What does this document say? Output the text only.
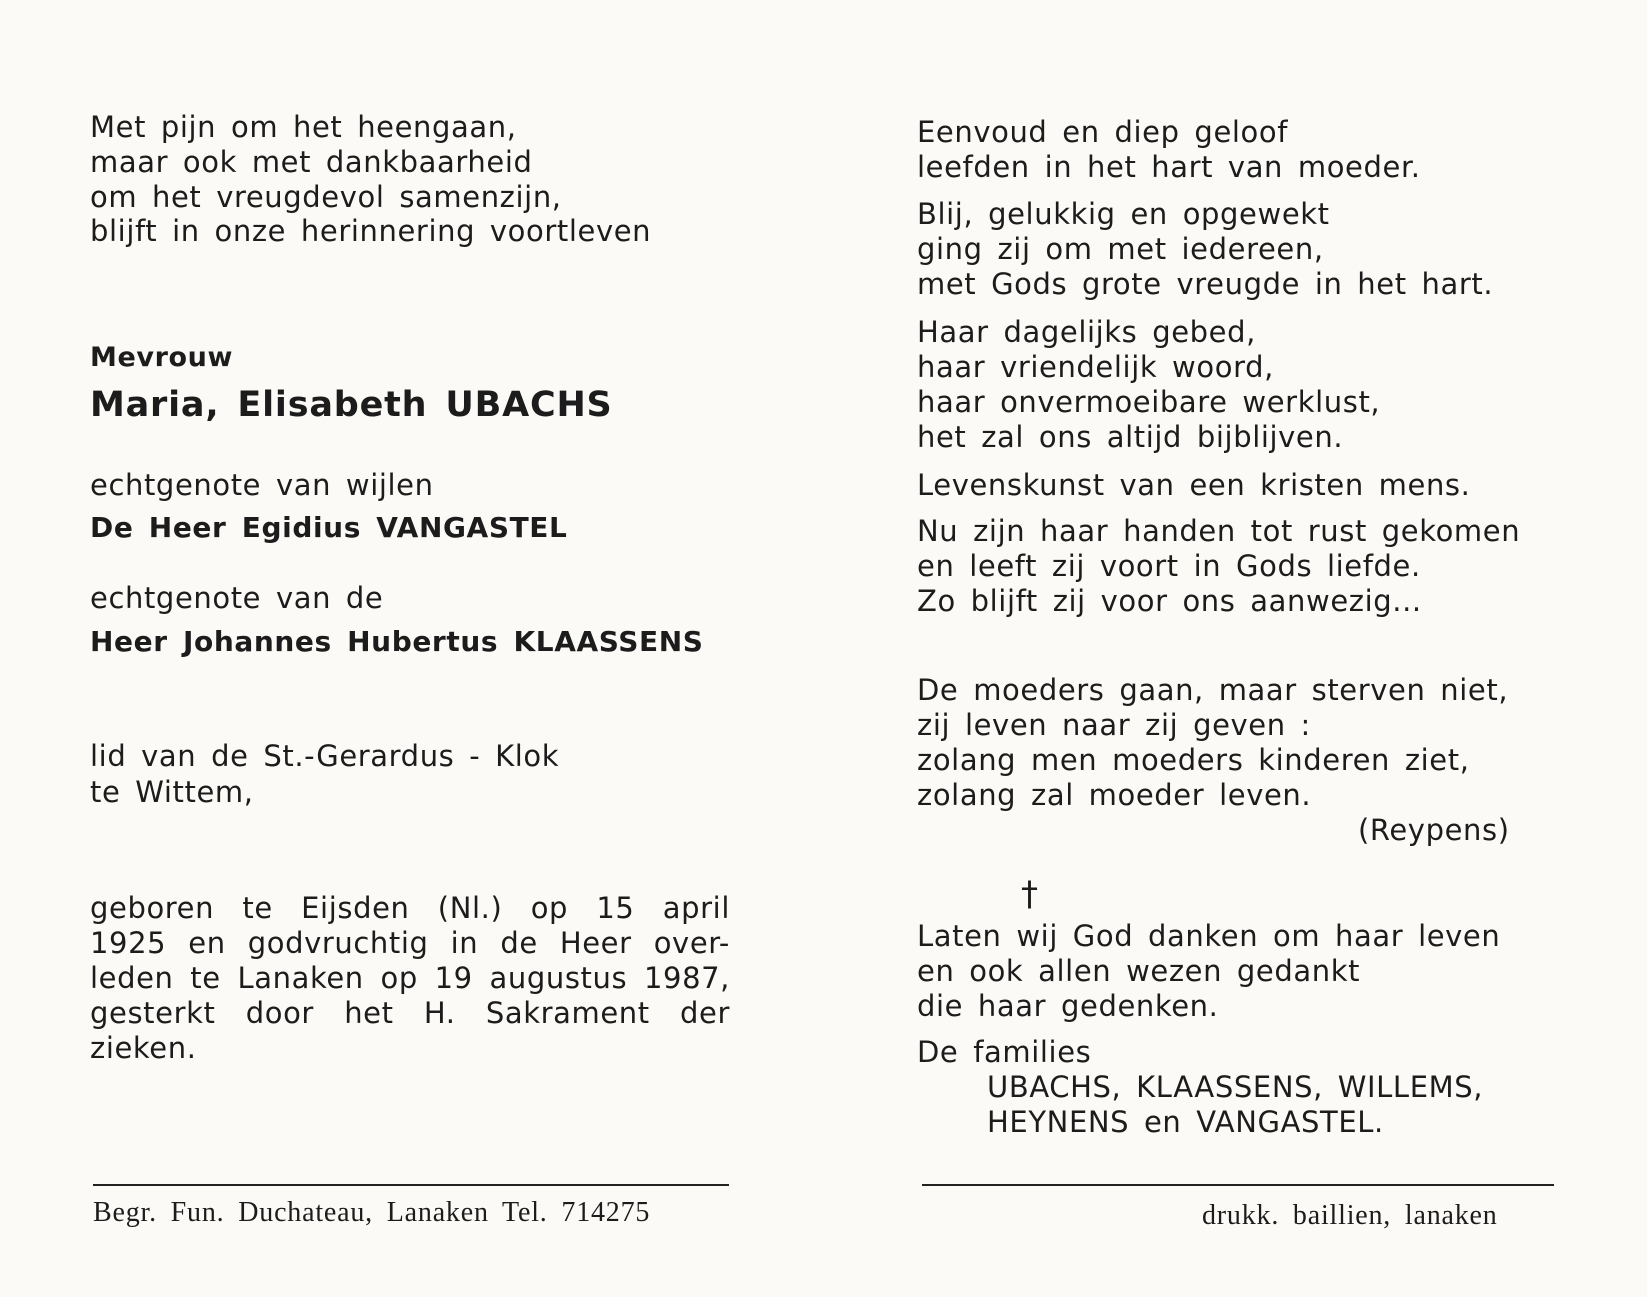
Met pijn om het heengaan,
maar ook met dankbaarheid
om het vreugdevol samenzijn,
blijft in onze herinnering voortleven
Mevrouw
Maria, Elisabeth UBACHS
echtgenote van wijlen
De Heer Egidius VANGASTEL
echtgenote van de
Heer Johannes Hubertus KLAASSENS
lid van de St.-Gerardus - Klok
te Wittem,
geboren te Eijsden (Nl.) op 15 april
1925 en godvruchtig in de Heer over-
leden te Lanaken op 19 augustus 1987,
gesterkt door het H. Sakrament der
zieken.
Begr. Fun. Duchateau, Lanaken Tel. 714275
Eenvoud en diep geloof
leefden in het hart van moeder.
Blij, gelukkig en opgewekt
ging zij om met iedereen,
met Gods grote vreugde in het hart.
Haar dagelijks gebed,
haar vriendelijk woord,
haar onvermoeibare werklust,
het zal ons altijd bijblijven.
Levenskunst van een kristen mens.
Nu zijn haar handen tot rust gekomen
en leeft zij voort in Gods liefde.
Zo blijft zij voor ons aanwezig...
De moeders gaan, maar sterven niet,
zij leven naar zij geven :
zolang men moeders kinderen ziet,
zolang zal moeder leven.
(Reypens)
†
Laten wij God danken om haar leven
en ook allen wezen gedankt
die haar gedenken.
De families
UBACHS, KLAASSENS, WILLEMS,
HEYNENS en VANGASTEL.
drukk. baillien, lanaken
